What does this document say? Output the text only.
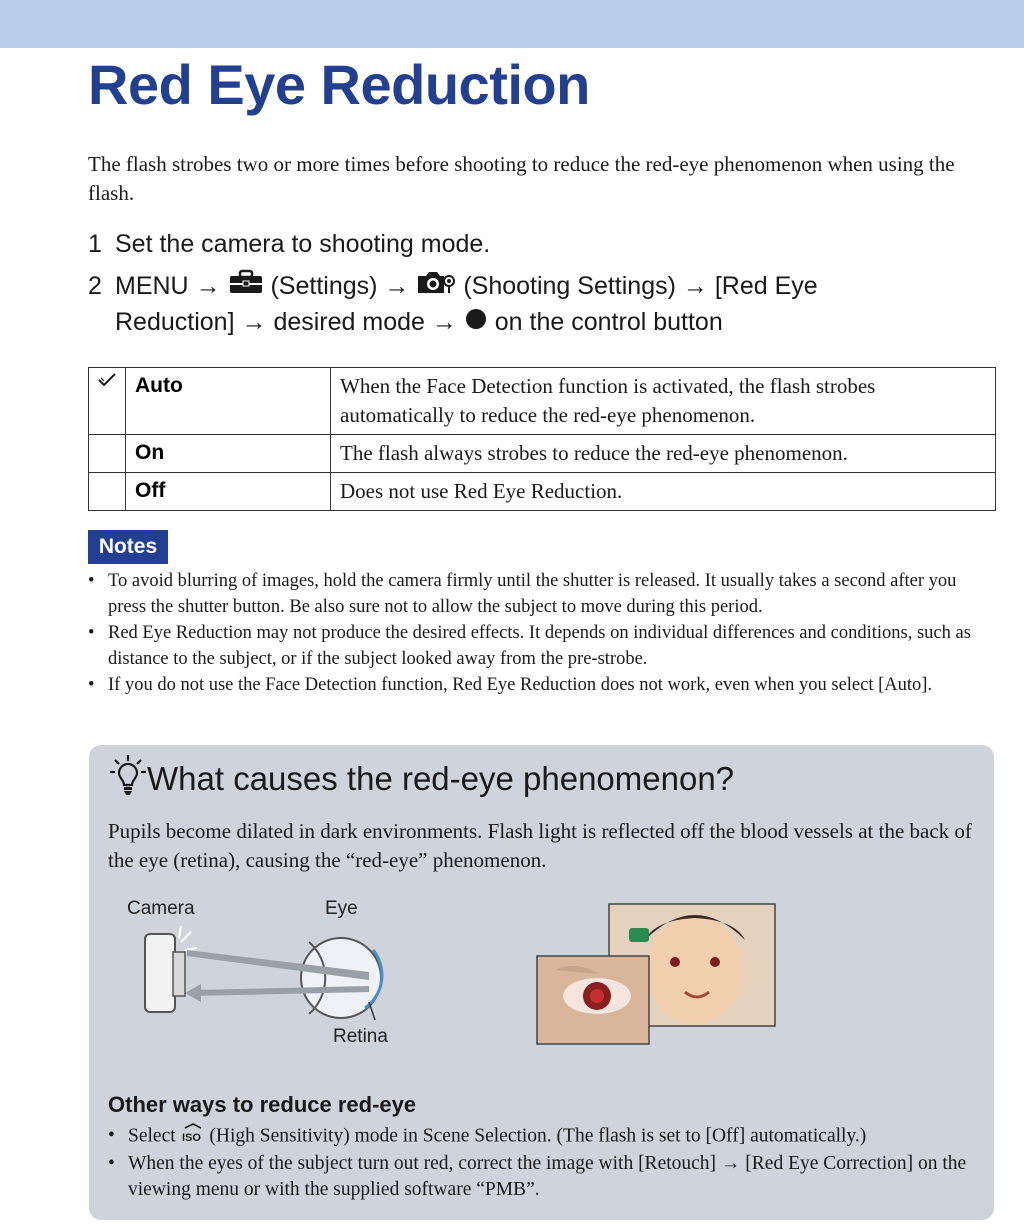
Red Eye Reduction
The flash strobes two or more times before shooting to reduce the red-eye phenomenon when using the flash.
1 Set the camera to shooting mode.
2 MENU → (Settings) → (Shooting Settings) → [Red Eye
Reduction] → desired mode → on the control button
	Auto	When the Face Detection function is activated, the flash strobes automatically to reduce the red-eye phenomenon.
	On	The flash always strobes to reduce the red-eye phenomenon.
	Off	Does not use Red Eye Reduction.
Notes
• To avoid blurring of images, hold the camera firmly until the shutter is released. It usually takes a second after you press the shutter button. Be also sure not to allow the subject to move during this period.
• Red Eye Reduction may not produce the desired effects. It depends on individual differences and conditions, such as distance to the subject, or if the subject looked away from the pre-strobe.
• If you do not use the Face Detection function, Red Eye Reduction does not work, even when you select [Auto].
What causes the red-eye phenomenon?
Pupils become dilated in dark environments. Flash light is reflected off the blood vessels at the back of the eye (retina), causing the “red-eye” phenomenon.
Camera	Eye
Retina
Other ways to reduce red-eye
• Select ISO (High Sensitivity) mode in Scene Selection. (The flash is set to [Off] automatically.)
• When the eyes of the subject turn out red, correct the image with [Retouch] → [Red Eye Correction] on the viewing menu or with the supplied software “PMB”.
